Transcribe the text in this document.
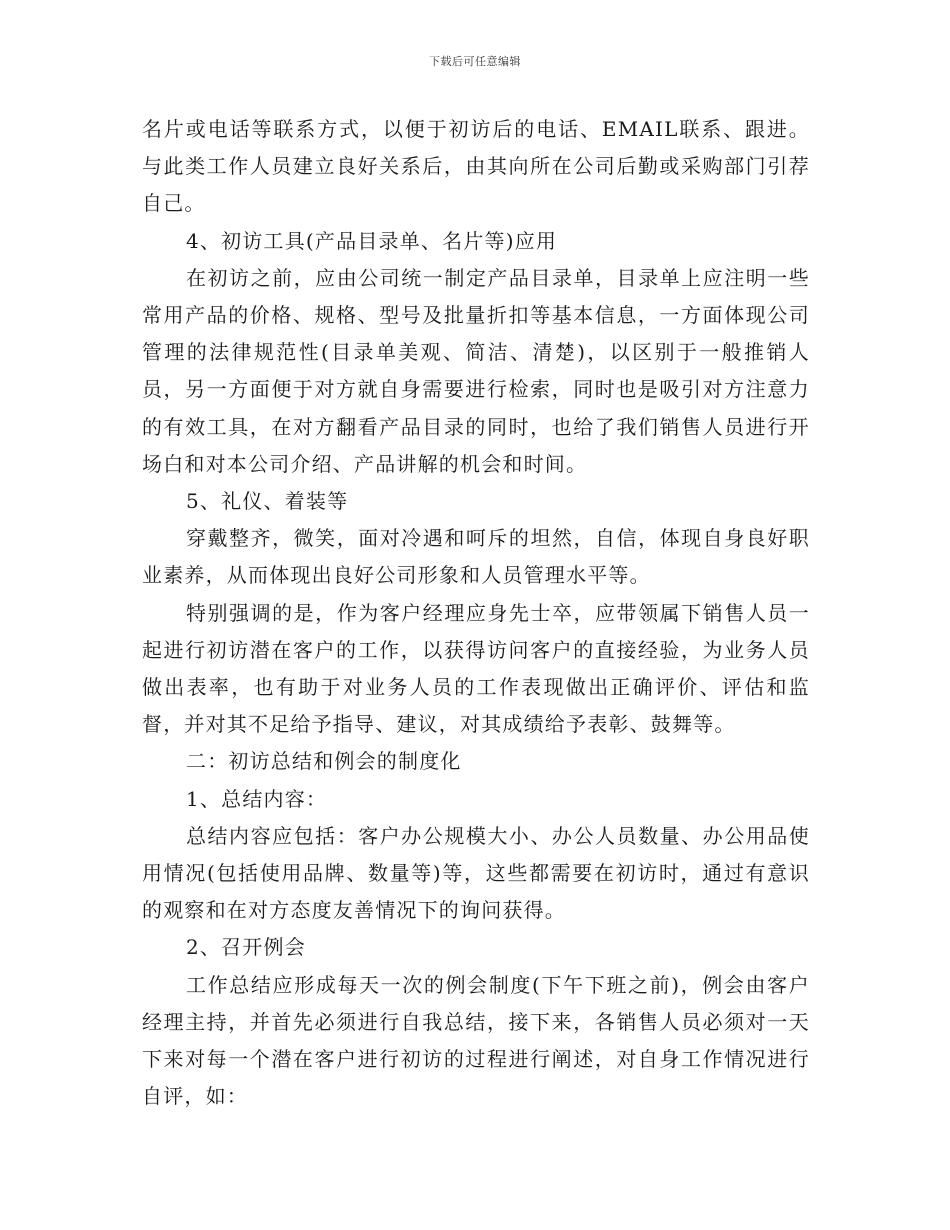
下载后可任意编辑

名片或电话等联系方式，以便于初访后的电话、EMAIL联系、跟进。与此类工作人员建立良好关系后，由其向所在公司后勤或采购部门引荐自己。

4、初访工具(产品目录单、名片等)应用

在初访之前，应由公司统一制定产品目录单，目录单上应注明一些常用产品的价格、规格、型号及批量折扣等基本信息，一方面体现公司管理的法律规范性(目录单美观、简洁、清楚)，以区别于一般推销人员，另一方面便于对方就自身需要进行检索，同时也是吸引对方注意力的有效工具，在对方翻看产品目录的同时，也给了我们销售人员进行开场白和对本公司介绍、产品讲解的机会和时间。

5、礼仪、着装等

穿戴整齐，微笑，面对冷遇和呵斥的坦然，自信，体现自身良好职业素养，从而体现出良好公司形象和人员管理水平等。

特别强调的是，作为客户经理应身先士卒，应带领属下销售人员一起进行初访潜在客户的工作，以获得访问客户的直接经验，为业务人员做出表率，也有助于对业务人员的工作表现做出正确评价、评估和监督，并对其不足给予指导、建议，对其成绩给予表彰、鼓舞等。

二：初访总结和例会的制度化

1、总结内容：

总结内容应包括：客户办公规模大小、办公人员数量、办公用品使用情况(包括使用品牌、数量等)等，这些都需要在初访时，通过有意识的观察和在对方态度友善情况下的询问获得。

2、召开例会

工作总结应形成每天一次的例会制度(下午下班之前)，例会由客户经理主持，并首先必须进行自我总结，接下来，各销售人员必须对一天下来对每一个潜在客户进行初访的过程进行阐述，对自身工作情况进行自评，如：
